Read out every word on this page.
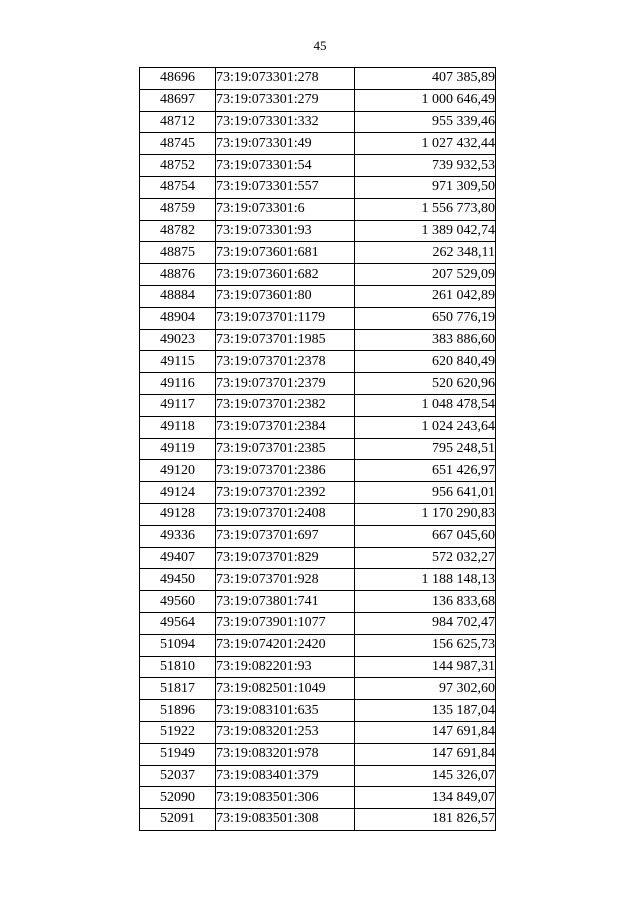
45
48696	73:19:073301:278	407 385,89
48697	73:19:073301:279	1 000 646,49
48712	73:19:073301:332	955 339,46
48745	73:19:073301:49	1 027 432,44
48752	73:19:073301:54	739 932,53
48754	73:19:073301:557	971 309,50
48759	73:19:073301:6	1 556 773,80
48782	73:19:073301:93	1 389 042,74
48875	73:19:073601:681	262 348,11
48876	73:19:073601:682	207 529,09
48884	73:19:073601:80	261 042,89
48904	73:19:073701:1179	650 776,19
49023	73:19:073701:1985	383 886,60
49115	73:19:073701:2378	620 840,49
49116	73:19:073701:2379	520 620,96
49117	73:19:073701:2382	1 048 478,54
49118	73:19:073701:2384	1 024 243,64
49119	73:19:073701:2385	795 248,51
49120	73:19:073701:2386	651 426,97
49124	73:19:073701:2392	956 641,01
49128	73:19:073701:2408	1 170 290,83
49336	73:19:073701:697	667 045,60
49407	73:19:073701:829	572 032,27
49450	73:19:073701:928	1 188 148,13
49560	73:19:073801:741	136 833,68
49564	73:19:073901:1077	984 702,47
51094	73:19:074201:2420	156 625,73
51810	73:19:082201:93	144 987,31
51817	73:19:082501:1049	97 302,60
51896	73:19:083101:635	135 187,04
51922	73:19:083201:253	147 691,84
51949	73:19:083201:978	147 691,84
52037	73:19:083401:379	145 326,07
52090	73:19:083501:306	134 849,07
52091	73:19:083501:308	181 826,57
